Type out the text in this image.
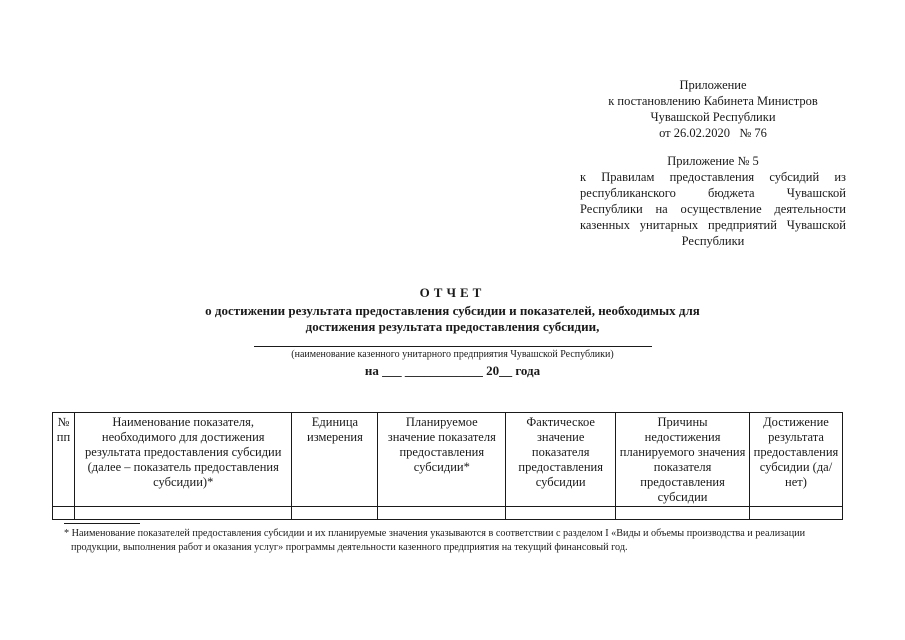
Приложение
к постановлению Кабинета Министров
Чувашской Республики
от 26.02.2020   № 76
Приложение № 5
к Правилам предоставления субсидий из республиканского бюджета Чувашской Республики на осуществление деятельности казенных унитарных предприятий Чувашской Республики
ОТЧЕТ
о достижении результата предоставления субсидии и показателей, необходимых для
достижения результата предоставления субсидии,
(наименование казенного унитарного предприятия Чувашской Республики)
на ___ ____________ 20__ года
№ пп	Наименование показателя, необходимого для достижения результата предоставления субсидии (далее – показатель предоставления субсидии)*	Единица измерения	Планируемое значение показателя предоставления субсидии*	Фактическое значение показателя предоставления субсидии	Причины недостижения планируемого значения показателя предоставления субсидии	Достижение результата предоставления субсидии (да/нет)

* Наименование показателей предоставления субсидии и их планируемые значения указываются в соответствии с разделом I «Виды и объемы производства и реализации продукции, выполнения работ и оказания услуг» программы деятельности казенного предприятия на текущий финансовый год.
